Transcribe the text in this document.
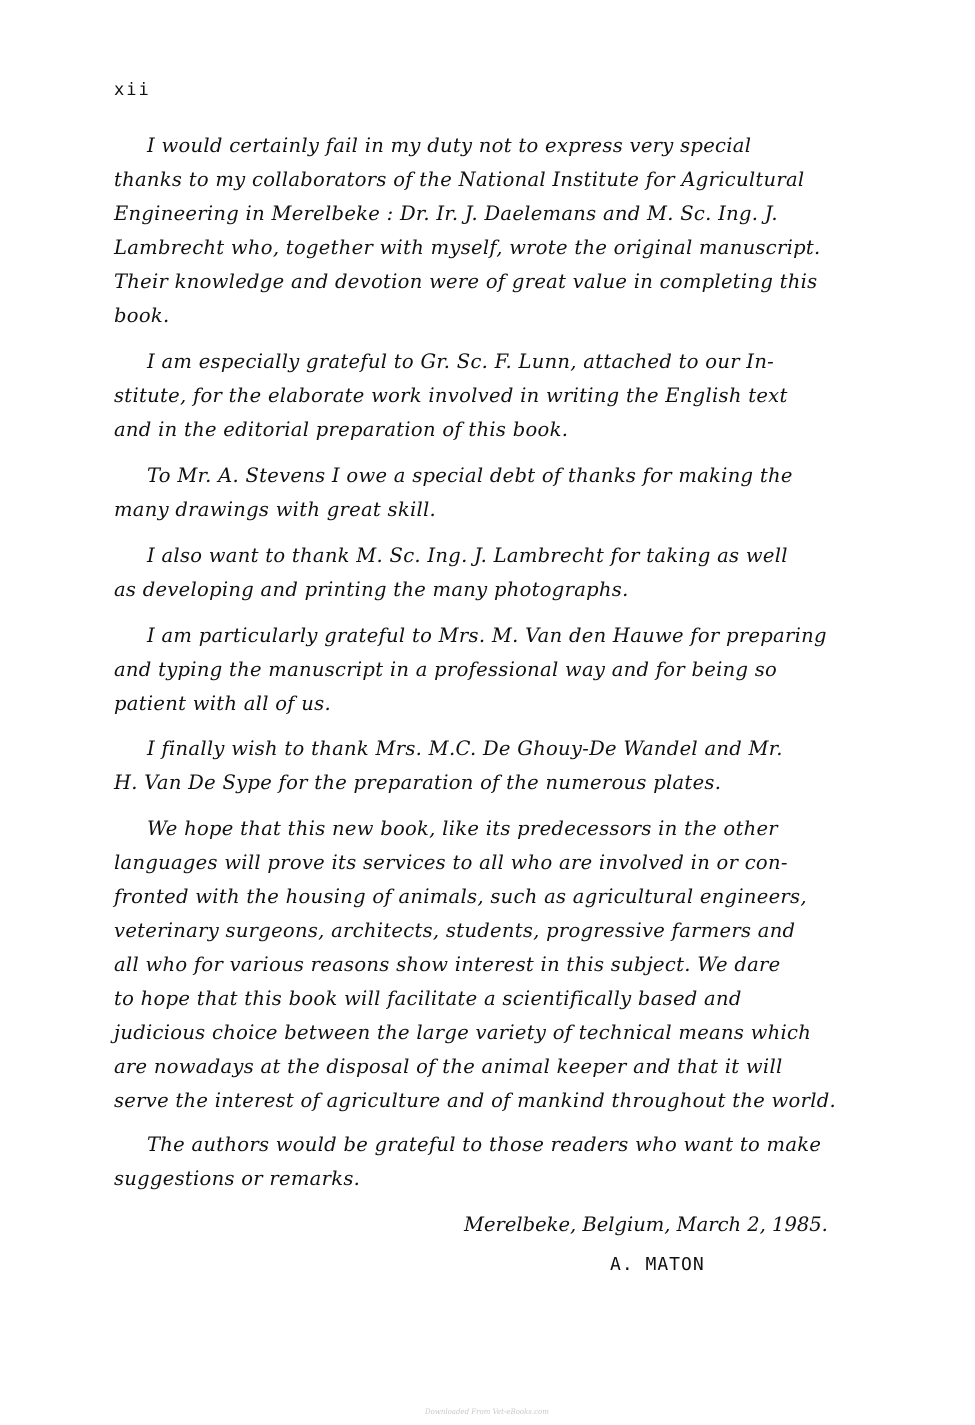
xii
I would certainly fail in my duty not to express very special
thanks to my collaborators of the National Institute for Agricultural
Engineering in Merelbeke : Dr. Ir. J. Daelemans and M. Sc. Ing. J.
Lambrecht who, together with myself, wrote the original manuscript.
Their knowledge and devotion were of great value in completing this
book.
I am especially grateful to Gr. Sc. F. Lunn, attached to our In-
stitute, for the elaborate work involved in writing the English text
and in the editorial preparation of this book.
To Mr. A. Stevens I owe a special debt of thanks for making the
many drawings with great skill.
I also want to thank M. Sc. Ing. J. Lambrecht for taking as well
as developing and printing the many photographs.
I am particularly grateful to Mrs. M. Van den Hauwe for preparing
and typing the manuscript in a professional way and for being so
patient with all of us.
I finally wish to thank Mrs. M.C. De Ghouy-De Wandel and Mr.
H. Van De Sype for the preparation of the numerous plates.
We hope that this new book, like its predecessors in the other
languages will prove its services to all who are involved in or con-
fronted with the housing of animals, such as agricultural engineers,
veterinary surgeons, architects, students, progressive farmers and
all who for various reasons show interest in this subject. We dare
to hope that this book will facilitate a scientifically based and
judicious choice between the large variety of technical means which
are nowadays at the disposal of the animal keeper and that it will
serve the interest of agriculture and of mankind throughout the world.
The authors would be grateful to those readers who want to make
suggestions or remarks.
Merelbeke, Belgium, March 2, 1985.
A. MATON
Downloaded From Vet-eBooks.com
